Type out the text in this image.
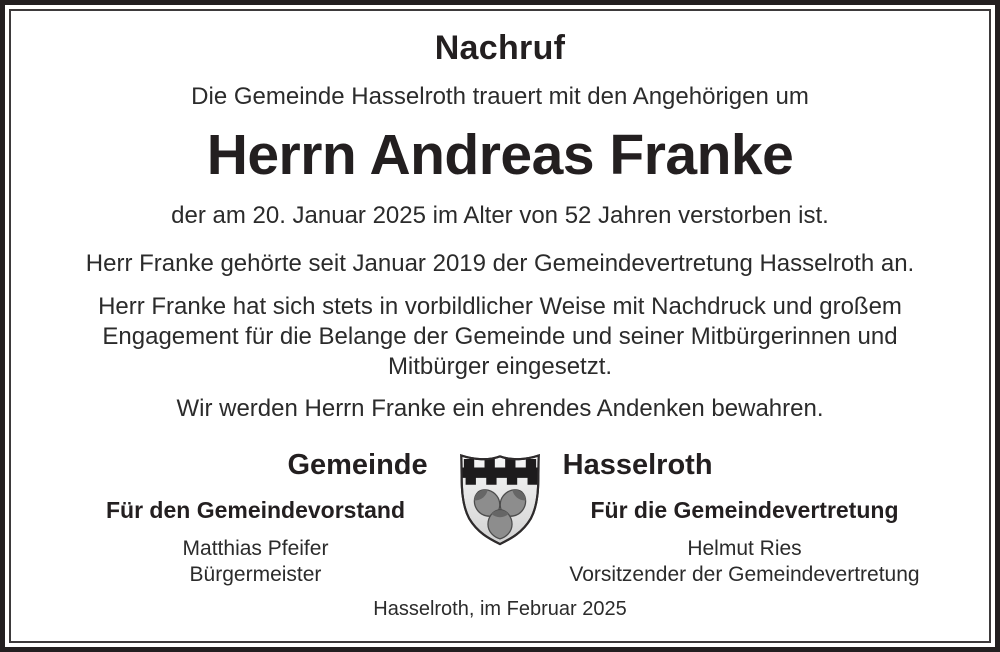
Nachruf
Die Gemeinde Hasselroth trauert mit den Angehörigen um
Herrn Andreas Franke
der am 20. Januar 2025 im Alter von 52 Jahren verstorben ist.
Herr Franke gehörte seit Januar 2019 der Gemeindevertretung Hasselroth an.
Herr Franke hat sich stets in vorbildlicher Weise mit Nachdruck und großem
Engagement für die Belange der Gemeinde und seiner Mitbürgerinnen und
Mitbürger eingesetzt.
Wir werden Herrn Franke ein ehrendes Andenken bewahren.
Gemeinde	Hasselroth
Für den Gemeindevorstand
Matthias Pfeifer
Bürgermeister
Für die Gemeindevertretung
Helmut Ries
Vorsitzender der Gemeindevertretung
Hasselroth, im Februar 2025
